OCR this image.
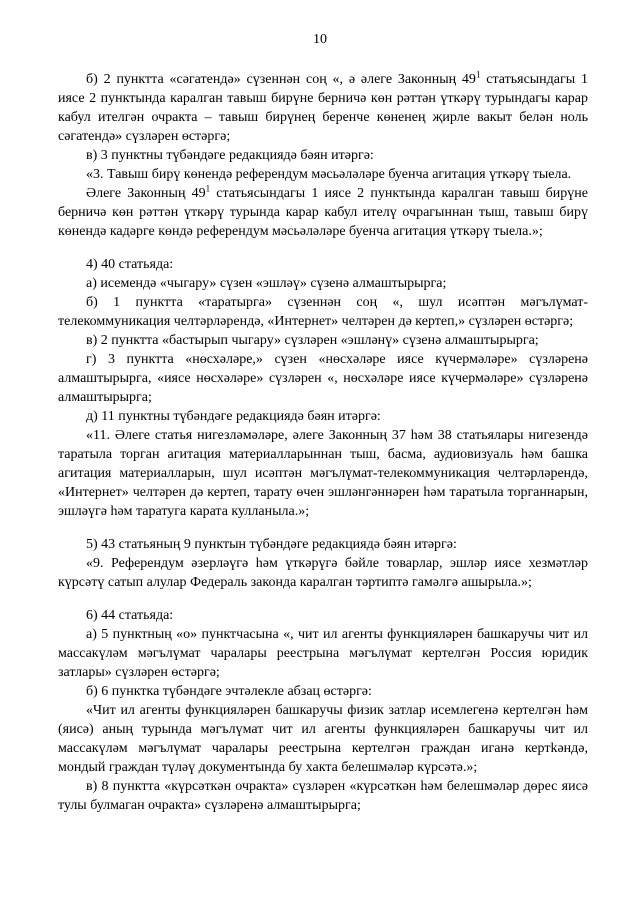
10

б) 2 пунктта «сәгатендә» сүзеннән соң «, ә әлеге Законның $49^1$ статьясындагы 1 иясе 2 пунктында каралган тавыш бирүне берничә көн рәттән үткәрү турындагы карар кабул ителгән очракта – тавыш бирүнең беренче көненең җирле вакыт белән ноль сәгатендә» сүзләрен өстәргә;

в) 3 пунктны түбәндәге редакциядә бәян итәргә:

«3. Тавыш бирү көнендә референдум мәсьәләләре буенча агитация үткәрү тыела.

Әлеге Законның $49^1$ статьясындагы 1 иясе 2 пунктында каралган тавыш бирүне берничә көн рәттән үткәрү турында карар кабул ителү очрагыннан тыш, тавыш бирү көнендә кадәрге көндә референдум мәсьәләләре буенча агитация үткәрү тыела.»;

4) 40 статьяда:

а) исемендә «чыгару» сүзен «эшләү» сүзенә алмаштырырга;

б) 1 пунктта «таратырга» сүзеннән соң «, шул исәптән мәгълүмат-телекоммуникация челтәрләрендә, «Интернет» челтәрен дә кертеп,» сүзләрен өстәргә;

в) 2 пунктта «бастырып чыгару» сүзләрен «эшләнү» сүзенә алмаштырырга;

г) 3 пунктта «нөсхәләре,» сүзен «нөсхәләре иясе күчермәләре» сүзләренә алмаштырырга, «иясе нөсхәләре» сүзләрен «, нөсхәләре иясе күчермәләре» сүзләренә алмаштырырга;

д) 11 пунктны түбәндәге редакциядә бәян итәргә:

«11. Әлеге статья нигезләмәләре, әлеге Законның 37 һәм 38 статьялары нигезендә таратыла торган агитация материалларыннан тыш, басма, аудиовизуаль һәм башка агитация материалларын, шул исәптән мәгълүмат-телекоммуникация челтәрләрендә, «Интернет» челтәрен дә кертеп, тарату өчен эшләнгәннәрен һәм таратыла торганнарын, эшләүгә һәм таратуга карата кулланыла.»;

5) 43 статьяның 9 пунктын түбәндәге редакциядә бәян итәргә:

«9. Референдум әзерләүгә һәм үткәрүгә бәйле товарлар, эшләр иясе хезмәтләр күрсәтү сатып алулар Федераль законда каралган тәртиптә гамәлгә ашырыла.»;

6) 44 статьяда:

а) 5 пунктның «о» пунктчасына «, чит ил агенты функцияләрен башкаручы чит ил массакүләм мәгълүмат чаралары реестрына мәгълүмат кертелгән Россия юридик затлары» сүзләрен өстәргә;

б) 6 пунктка түбәндәге эчтәлекле абзац өстәргә:

«Чит ил агенты функцияләрен башкаручы физик затлар исемлегенә кертелгән һәм (яисә) аның турында мәгълүмат чит ил агенты функцияләрен башкаручы чит ил массакүләм мәгълүмат чаралары реестрына кертелгән граждан иганә кертkәндә, мондый граждан түләү документында бу хакта белешмәләр күрсәтә.»;

в) 8 пунктта «күрсәткән очракта» сүзләрен «күрсәткән һәм белешмәләр дөрес яисә тулы булмаган очракта» сүзләренә алмаштырырга;
